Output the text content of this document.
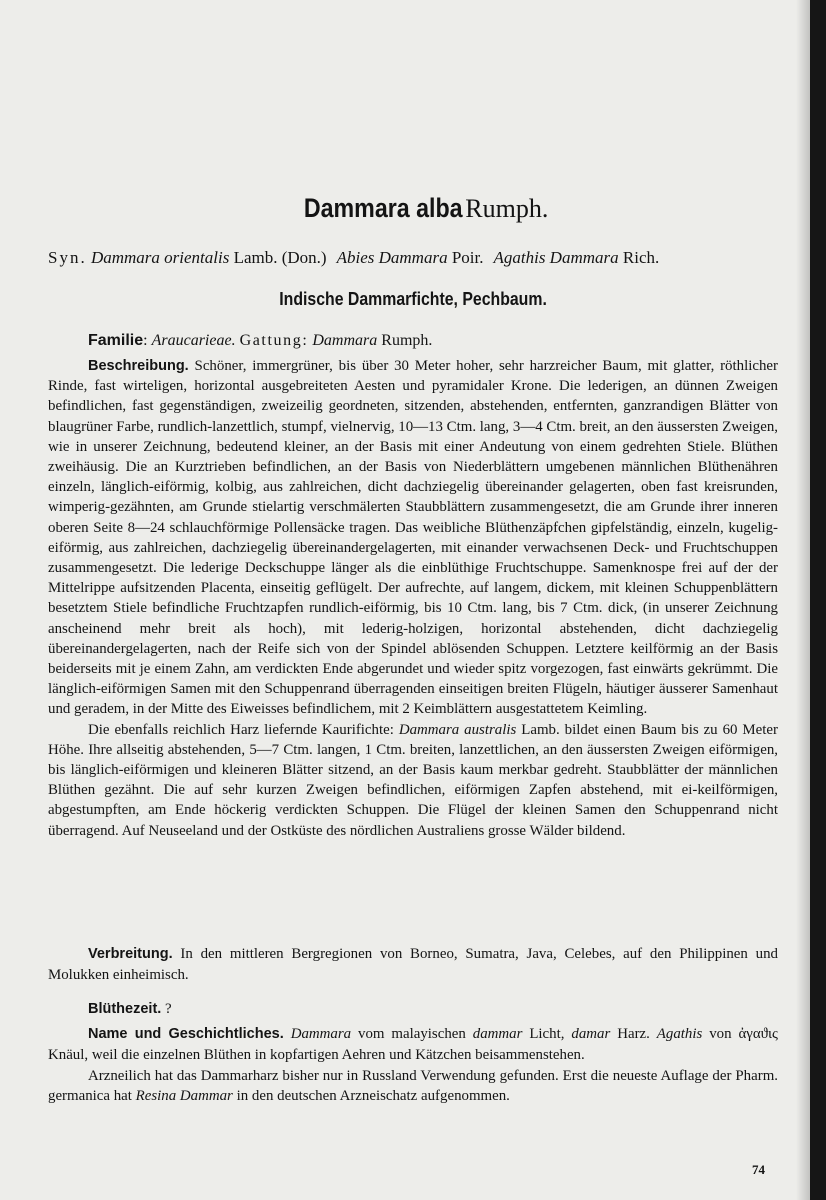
Dammara alba Rumph.
Syn. Dammara orientalis Lamb. (Don.) Abies Dammara Poir. Agathis Dammara Rich.
Indische Dammarfichte, Pechbaum.
Familie: Araucarieae. Gattung: Dammara Rumph.

Beschreibung. Schöner, immergrüner, bis über 30 Meter hoher, sehr harzreicher Baum, mit glatter, röthlicher Rinde, fast wirteligen, horizontal ausgebreiteten Aesten und pyramidaler Krone. Die lederigen, an dünnen Zweigen befindlichen, fast gegenständigen, zweizeilig geordneten, sitzenden, abstehenden, entfernten, ganzrandigen Blätter von blaugrüner Farbe, rundlich-lanzettlich, stumpf, vielnervig, 10—13 Ctm. lang, 3—4 Ctm. breit, an den äussersten Zweigen, wie in unserer Zeichnung, bedeutend kleiner, an der Basis mit einer Andeutung von einem gedrehten Stiele. Blüthen zweihäusig. Die an Kurztrieben befindlichen, an der Basis von Niederblättern umgebenen männlichen Blüthenähren einzeln, länglich-eiförmig, kolbig, aus zahlreichen, dicht dachziegelig übereinander gelagerten, oben fast kreisrunden, wimperig-gezähnten, am Grunde stielartig verschmälerten Staubblättern zusammengesetzt, die am Grunde ihrer inneren oberen Seite 8—24 schlauchförmige Pollensäcke tragen. Das weibliche Blüthenzäpfchen gipfelständig, einzeln, kugelig-eiförmig, aus zahlreichen, dachziegelig übereinandergelagerten, mit einander verwachsenen Deck- und Fruchtschuppen zusammengesetzt. Die lederige Deckschuppe länger als die einblüthige Fruchtschuppe. Samenknospe frei auf der der Mittelrippe aufsitzenden Placenta, einseitig geflügelt. Der aufrechte, auf langem, dickem, mit kleinen Schuppenblättern besetztem Stiele befindliche Fruchtzapfen rundlich-eiförmig, bis 10 Ctm. lang, bis 7 Ctm. dick, (in unserer Zeichnung anscheinend mehr breit als hoch), mit lederig-holzigen, horizontal abstehenden, dicht dachziegelig übereinandergelagerten, nach der Reife sich von der Spindel ablösenden Schuppen. Letztere keilförmig an der Basis beiderseits mit je einem Zahn, am verdickten Ende abgerundet und wieder spitz vorgezogen, fast einwärts gekrümmt. Die länglich-eiförmigen Samen mit den Schuppenrand überragenden einseitigen breiten Flügeln, häutiger äusserer Samenhaut und geradem, in der Mitte des Eiweisses befindlichem, mit 2 Keimblättern ausgestattetem Keimling.

Die ebenfalls reichlich Harz liefernde Kaurifichte: Dammara australis Lamb. bildet einen Baum bis zu 60 Meter Höhe. Ihre allseitig abstehenden, 5—7 Ctm. langen, 1 Ctm. breiten, lanzettlichen, an den äussersten Zweigen eiförmigen, bis länglich-eiförmigen und kleineren Blätter sitzend, an der Basis kaum merkbar gedreht. Staubblätter der männlichen Blüthen gezähnt. Die auf sehr kurzen Zweigen befindlichen, eiförmigen Zapfen abstehend, mit ei-keilförmigen, abgestumpften, am Ende höckerig verdickten Schuppen. Die Flügel der kleinen Samen den Schuppenrand nicht überragend. Auf Neuseeland und der Ostküste des nördlichen Australiens grosse Wälder bildend.

Verbreitung. In den mittleren Bergregionen von Borneo, Sumatra, Java, Celebes, auf den Philippinen und Molukken einheimisch.

Blüthezeit. ?

Name und Geschichtliches. Dammara vom malayischen dammar Licht, damar Harz. Agathis von ἀγαϑις Knäul, weil die einzelnen Blüthen in kopfartigen Aehren und Kätzchen beisammenstehen.

Arzneilich hat das Dammarharz bisher nur in Russland Verwendung gefunden. Erst die neueste Auflage der Pharm. germanica hat Resina Dammar in den deutschen Arzneischatz aufgenommen.

74
